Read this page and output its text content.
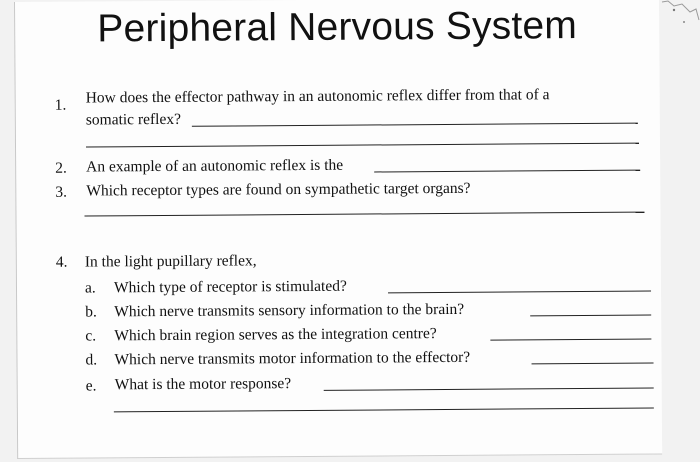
Peripheral Nervous System
1. How does the effector pathway in an autonomic reflex differ from that of a
somatic reflex?
2. An example of an autonomic reflex is the
3. Which receptor types are found on sympathetic target organs?
4. In the light pupillary reflex,
a. Which type of receptor is stimulated?
b. Which nerve transmits sensory information to the brain?
c. Which brain region serves as the integration centre?
d. Which nerve transmits motor information to the effector?
e. What is the motor response?
